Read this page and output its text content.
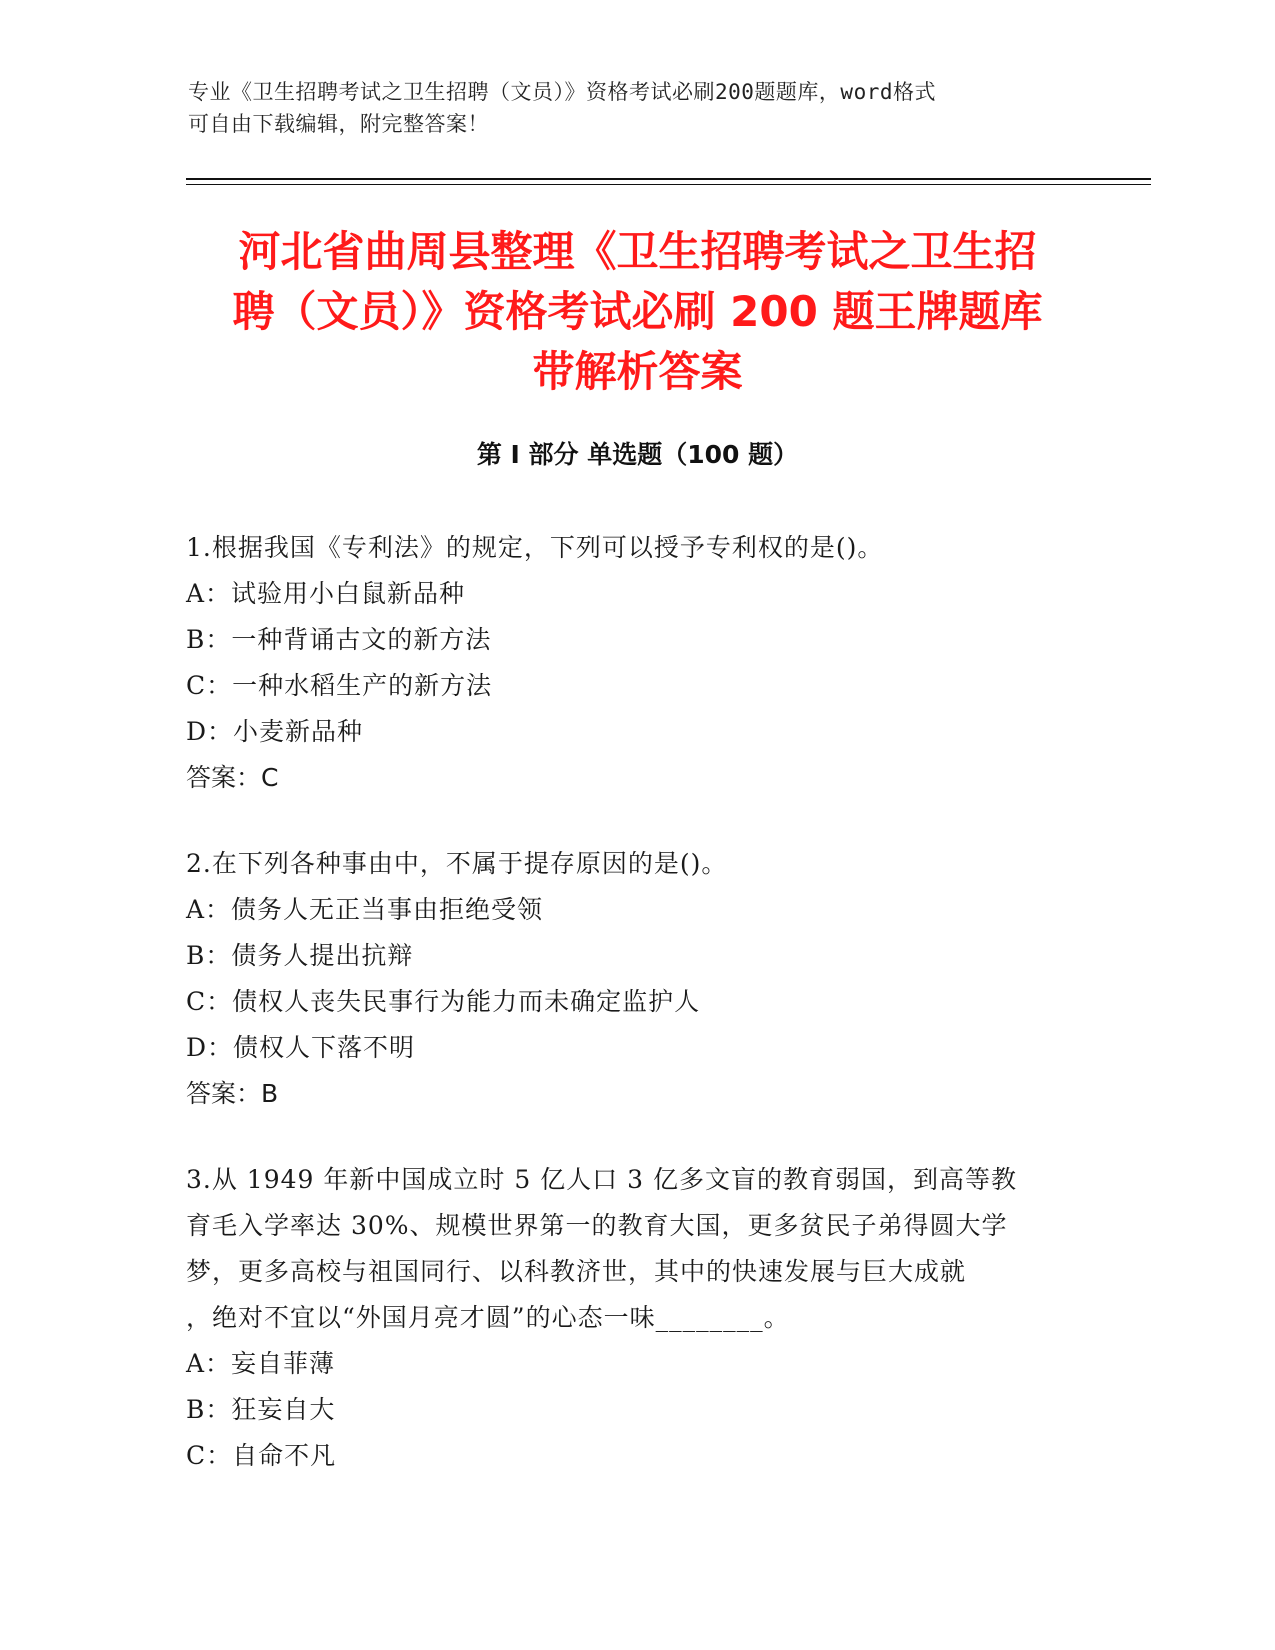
专业《卫生招聘考试之卫生招聘（文员）》资格考试必刷200题题库，word格式
可自由下载编辑，附完整答案！
河北省曲周县整理《卫生招聘考试之卫生招
聘（文员）》资格考试必刷 200 题王牌题库
带解析答案
第 I 部分 单选题（100 题）
1.根据我国《专利法》的规定，下列可以授予专利权的是()。
A：试验用小白鼠新品种
B：一种背诵古文的新方法
C：一种水稻生产的新方法
D：小麦新品种
答案：C
2.在下列各种事由中，不属于提存原因的是()。
A：债务人无正当事由拒绝受领
B：债务人提出抗辩
C：债权人丧失民事行为能力而未确定监护人
D：债权人下落不明
答案：B
3.从 1949 年新中国成立时 5 亿人口 3 亿多文盲的教育弱国，到高等教
育毛入学率达 30%、规模世界第一的教育大国，更多贫民子弟得圆大学
梦，更多高校与祖国同行、以科教济世，其中的快速发展与巨大成就
，绝对不宜以“外国月亮才圆”的心态一味________。
A：妄自菲薄
B：狂妄自大
C：自命不凡
